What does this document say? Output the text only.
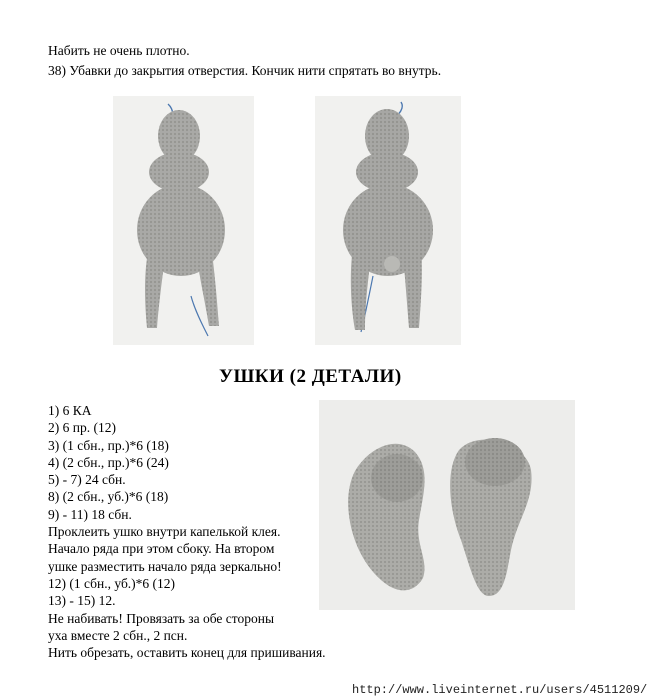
Набить не очень плотно.
38) Убавки до закрытия отверстия. Кончик нити спрятать во внутрь.
УШКИ (2 ДЕТАЛИ)
1) 6 КА
2) 6 пр. (12)
3) (1 сбн., пр.)*6 (18)
4) (2 сбн., пр.)*6 (24)
5) - 7) 24 сбн.
8) (2 сбн., уб.)*6 (18)
9) - 11) 18 сбн.
Проклеить ушко внутри капелькой клея.
Начало ряда при этом сбоку. На втором
ушке разместить начало ряда зеркально!
12) (1 сбн., уб.)*6 (12)
13) - 15) 12.
Не набивать! Провязать за обе стороны
уха вместе 2 сбн., 2 псн.
Нить обрезать, оставить конец для пришивания.
http://www.liveinternet.ru/users/4511209/
